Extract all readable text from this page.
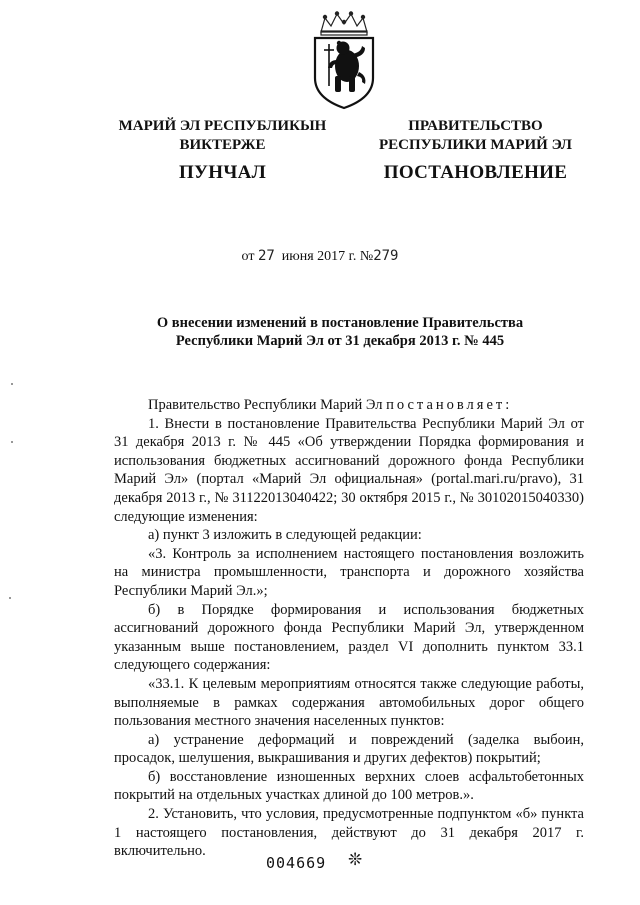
МАРИЙ ЭЛ РЕСПУБЛИКЫН
ВИКТЕРЖЕ
ПУНЧАЛ
ПРАВИТЕЛЬСТВО
РЕСПУБЛИКИ МАРИЙ ЭЛ
ПОСТАНОВЛЕНИЕ
от 27 июня 2017 г. №279
О внесении изменений в постановление Правительства
Республики Марий Эл от 31 декабря 2013 г. № 445

Правительство Республики Марий Эл постановляет:

1. Внести в постановление Правительства Республики Марий Эл от 31 декабря 2013 г. № 445 «Об утверждении Порядка формирования и использования бюджетных ассигнований дорожного фонда Республики Марий Эл» (портал «Марий Эл официальная» (portal.mari.ru/pravo), 31 декабря 2013 г., № 31122013040422; 30 октября 2015 г., № 30102015040330) следующие изменения:

а) пункт 3 изложить в следующей редакции:

«3. Контроль за исполнением настоящего постановления возложить на министра промышленности, транспорта и дорожного хозяйства Республики Марий Эл.»;

б) в Порядке формирования и использования бюджетных ассигнований дорожного фонда Республики Марий Эл, утвержденном указанным выше постановлением, раздел VI дополнить пунктом 33.1 следующего содержания:

«33.1. К целевым мероприятиям относятся также следующие работы, выполняемые в рамках содержания автомобильных дорог общего пользования местного значения населенных пунктов:

а) устранение деформаций и повреждений (заделка выбоин, просадок, шелушения, выкрашивания и других дефектов) покрытий;

б) восстановление изношенных верхних слоев асфальтобетонных покрытий на отдельных участках длиной до 100 метров.».

2. Установить, что условия, предусмотренные подпунктом «б» пункта 1 настоящего постановления, действуют до 31 декабря 2017 г. включительно.

004669 ❊
